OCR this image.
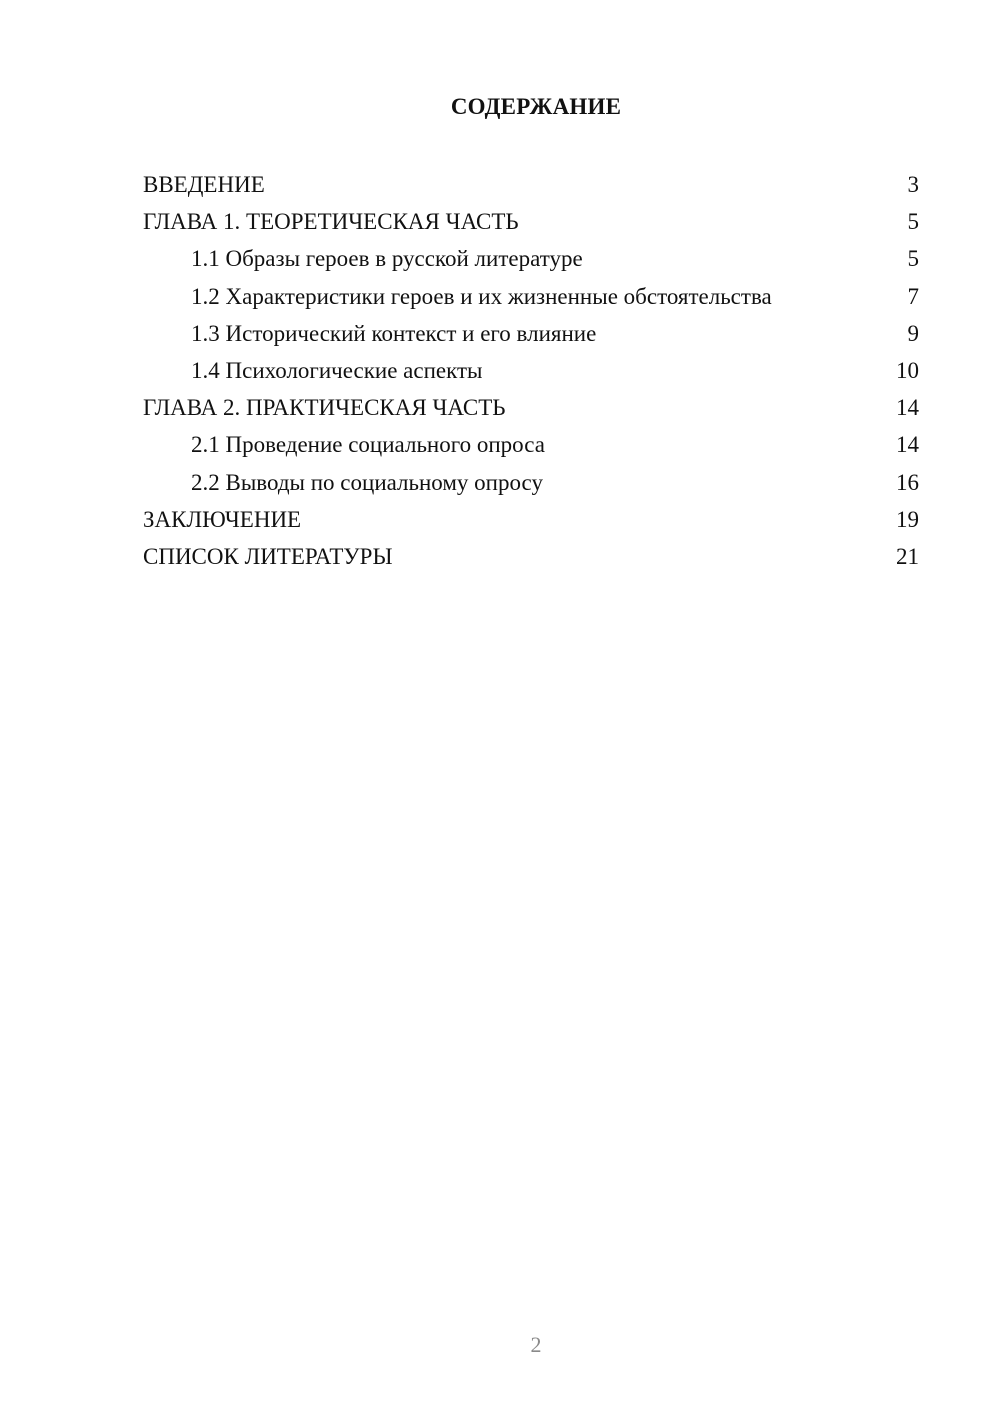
СОДЕРЖАНИЕ
ВВЕДЕНИЕ	3
ГЛАВА 1. ТЕОРЕТИЧЕСКАЯ ЧАСТЬ	5
1.1 Образы героев в русской литературе	5
1.2 Характеристики героев и их жизненные обстоятельства	7
1.3 Исторический контекст и его влияние	9
1.4 Психологические аспекты	10
ГЛАВА 2. ПРАКТИЧЕСКАЯ ЧАСТЬ	14
2.1 Проведение социального опроса	14
2.2 Выводы по социальному опросу	16
ЗАКЛЮЧЕНИЕ	19
СПИСОК ЛИТЕРАТУРЫ	21
2
